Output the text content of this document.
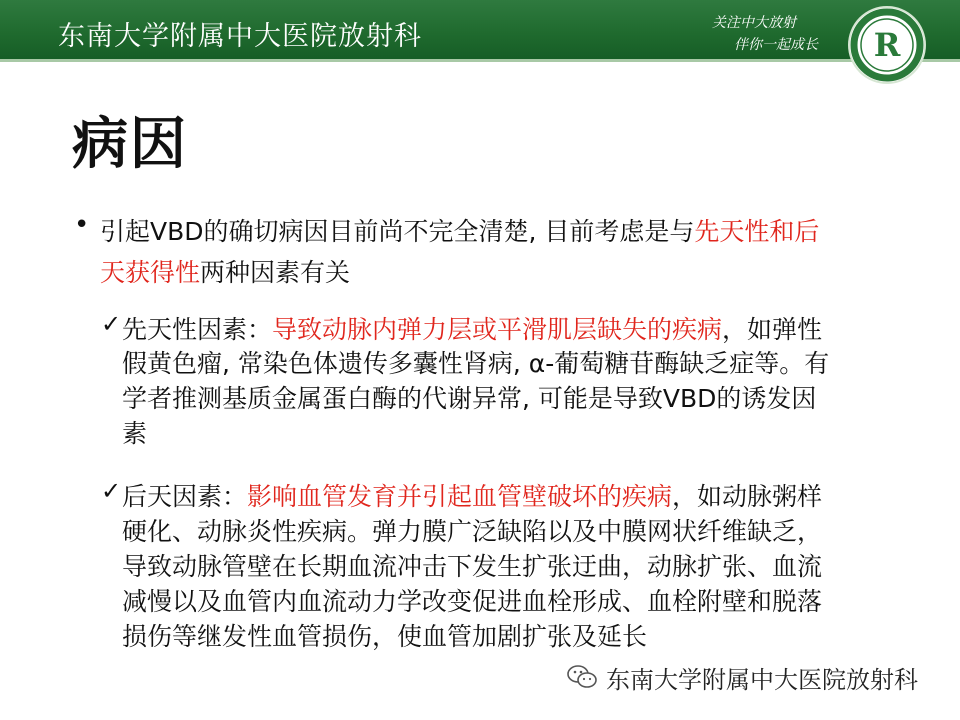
东南大学附属中大医院放射科	关注中大放射
伴你一起成长 R
病因
• 引起VBD的确切病因目前尚不完全清楚, 目前考虑是与先天性和后
天获得性两种因素有关
✓ 先天性因素：导致动脉内弹力层或平滑肌层缺失的疾病，如弹性
假黄色瘤, 常染色体遗传多囊性肾病, α-葡萄糖苷酶缺乏症等。有
学者推测基质金属蛋白酶的代谢异常, 可能是导致VBD的诱发因
素
✓ 后天因素：影响血管发育并引起血管壁破坏的疾病，如动脉粥样
硬化、动脉炎性疾病。弹力膜广泛缺陷以及中膜网状纤维缺乏，
导致动脉管壁在长期血流冲击下发生扩张迂曲，动脉扩张、血流
减慢以及血管内血流动力学改变促进血栓形成、血栓附壁和脱落
损伤等继发性血管损伤，使血管加剧扩张及延长
东南大学附属中大医院放射科
